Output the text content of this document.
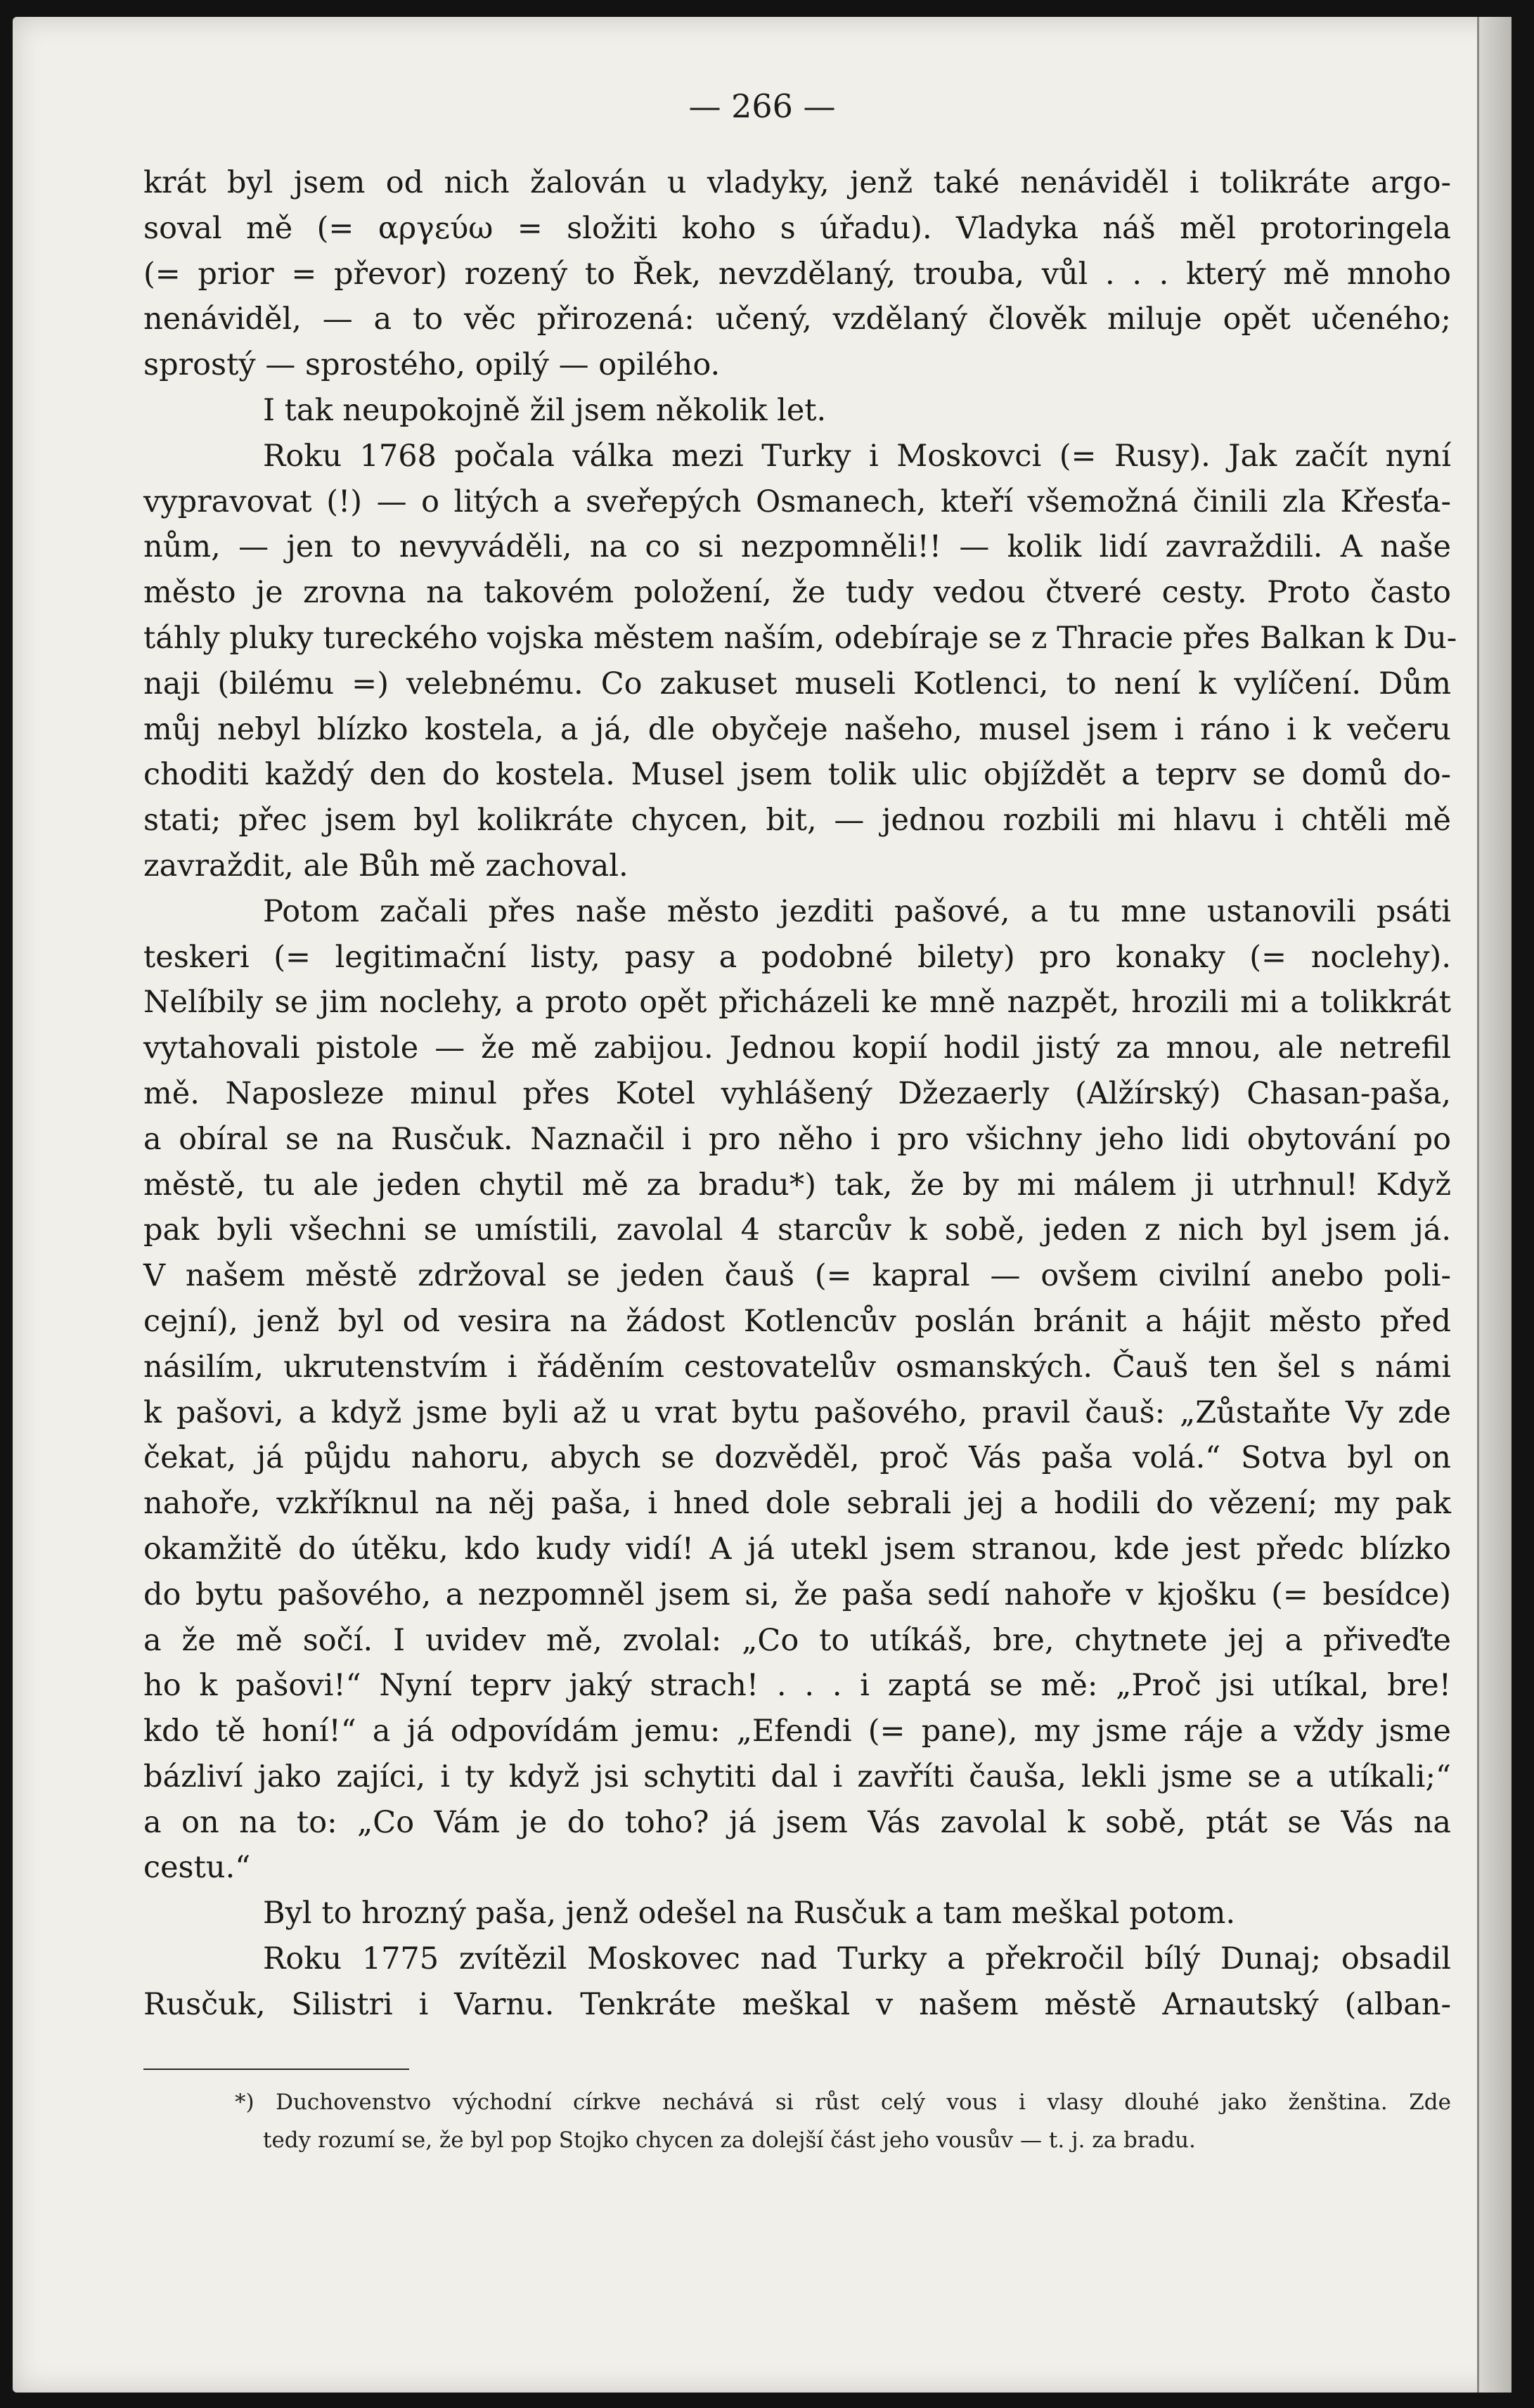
— 266 —
krát byl jsem od nich žalován u vladyky, jenž také nenáviděl i tolikráte argo-
soval mě (= αργεύω = složiti koho s úřadu). Vladyka náš měl protoringela
(= prior = převor) rozený to Řek, nevzdělaný, trouba, vůl . . . který mě mnoho
nenáviděl, — a to věc přirozená: učený, vzdělaný člověk miluje opět učeného;
sprostý — sprostého, opilý — opilého.
I tak neupokojně žil jsem několik let.
Roku 1768 počala válka mezi Turky i Moskovci (= Rusy). Jak začít nyní
vypravovat (!) — o litých a sveřepých Osmanech, kteří všemožná činili zla Křesťa-
nům, — jen to nevyváděli, na co si nezpomněli!! — kolik lidí zavraždili. A naše
město je zrovna na takovém položení, že tudy vedou čtveré cesty. Proto často
táhly pluky tureckého vojska městem naším, odebíraje se z Thracie přes Balkan k Du-
naji (bilému =) velebnému. Co zakuset museli Kotlenci, to není k vylíčení. Dům
můj nebyl blízko kostela, a já, dle obyčeje našeho, musel jsem i ráno i k večeru
choditi každý den do kostela. Musel jsem tolik ulic objíždět a teprv se domů do-
stati; přec jsem byl kolikráte chycen, bit, — jednou rozbili mi hlavu i chtěli mě
zavraždit, ale Bůh mě zachoval.
Potom začali přes naše město jezditi pašové, a tu mne ustanovili psáti
teskeri (= legitimační listy, pasy a podobné bilety) pro konaky (= noclehy).
Nelíbily se jim noclehy, a proto opět přicházeli ke mně nazpět, hrozili mi a tolikkrát
vytahovali pistole — že mě zabijou. Jednou kopií hodil jistý za mnou, ale netrefil
mě. Naposleze minul přes Kotel vyhlášený Džezaerly (Alžírský) Chasan-paša,
a obíral se na Rusčuk. Naznačil i pro něho i pro všichny jeho lidi obytování po
městě, tu ale jeden chytil mě za bradu*) tak, že by mi málem ji utrhnul! Když
pak byli všechni se umístili, zavolal 4 starcův k sobě, jeden z nich byl jsem já.
V našem městě zdržoval se jeden čauš (= kapral — ovšem civilní anebo poli-
cejní), jenž byl od vesira na žádost Kotlencův poslán bránit a hájit město před
násilím, ukrutenstvím i řáděním cestovatelův osmanských. Čauš ten šel s námi
k pašovi, a když jsme byli až u vrat bytu pašového, pravil čauš: „Zůstaňte Vy zde
čekat, já půjdu nahoru, abych se dozvěděl, proč Vás paša volá.“ Sotva byl on
nahoře, vzkříknul na něj paša, i hned dole sebrali jej a hodili do vězení; my pak
okamžitě do útěku, kdo kudy vidí! A já utekl jsem stranou, kde jest předc blízko
do bytu pašového, a nezpomněl jsem si, že paša sedí nahoře v kjošku (= besídce)
a že mě sočí. I uvidev mě, zvolal: „Co to utíkáš, bre, chytnete jej a přiveďte
ho k pašovi!“ Nyní teprv jaký strach! . . . i zaptá se mě: „Proč jsi utíkal, bre!
kdo tě honí!“ a já odpovídám jemu: „Efendi (= pane), my jsme ráje a vždy jsme
bázliví jako zajíci, i ty když jsi schytiti dal i zavříti čauša, lekli jsme se a utíkali;“
a on na to: „Co Vám je do toho? já jsem Vás zavolal k sobě, ptát se Vás na
cestu.“
Byl to hrozný paša, jenž odešel na Rusčuk a tam meškal potom.
Roku 1775 zvítězil Moskovec nad Turky a překročil bílý Dunaj; obsadil
Rusčuk, Silistri i Varnu. Tenkráte meškal v našem městě Arnautský (alban-
*) Duchovenstvo východní církve nechává si růst celý vous i vlasy dlouhé jako ženština. Zde
tedy rozumí se, že byl pop Stojko chycen za dolejší část jeho vousův — t. j. za bradu.
